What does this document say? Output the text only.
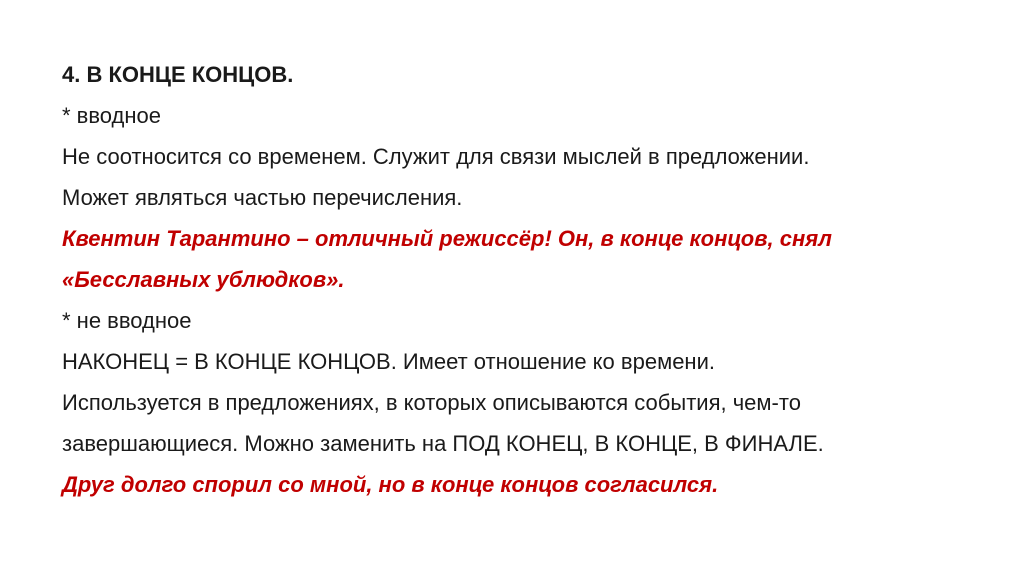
4. В КОНЦЕ КОНЦОВ.
* вводное
Не соотносится со временем. Служит для связи мыслей в предложении.
Может являться частью перечисления.
Квентин Тарантино – отличный режиссёр! Он, в конце концов, снял
«Бесславных ублюдков».
* не вводное
НАКОНЕЦ = В КОНЦЕ КОНЦОВ. Имеет отношение ко времени.
Используется в предложениях, в которых описываются события, чем-то
завершающиеся. Можно заменить на ПОД КОНЕЦ, В КОНЦЕ, В ФИНАЛЕ.
Друг долго спорил со мной, но в конце концов согласился.
